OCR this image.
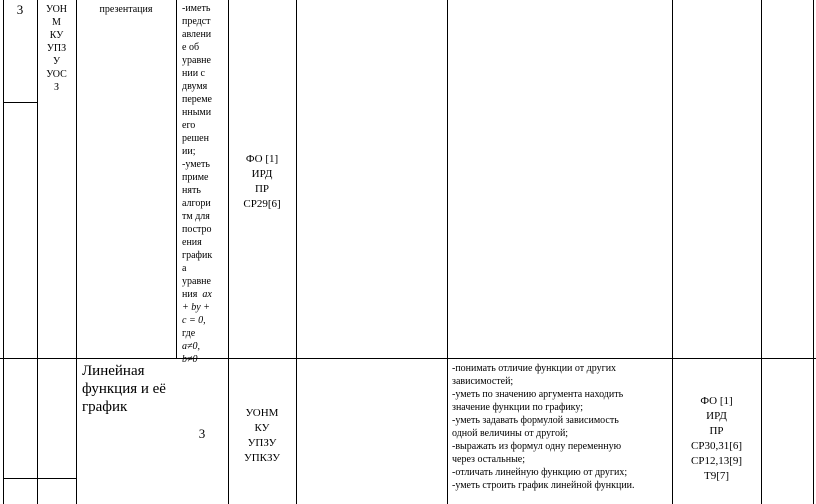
3	УОН
М
КУ
УПЗ
У
УОС
З
презентация	-иметь
предст
авлени
е об
уравне
нии с
двумя
переме
нными
его
решен
ии;
-уметь
приме
нять
алгори
тм для
постро
ения
график
а
уравне
ния ax
+ by +
c = 0,
где
a≠0,
b≠0
ФО [1]
ИРД
ПР
СР29[6]
Линейная функция и её график
3
УОНМ
КУ
УПЗУ
УПКЗУ
-понимать отличие функции от других
зависимостей;
-уметь по значению аргумента находить
значение функции по графику;
-уметь задавать формулой зависимость
одной величины от другой;
-выражать из формул одну переменную
через остальные;
-отличать линейную функцию от других;
-уметь строить график линейной функции.
ФО [1]
ИРД
ПР
СР30,31[6]
СР12,13[9]
Т9[7]
